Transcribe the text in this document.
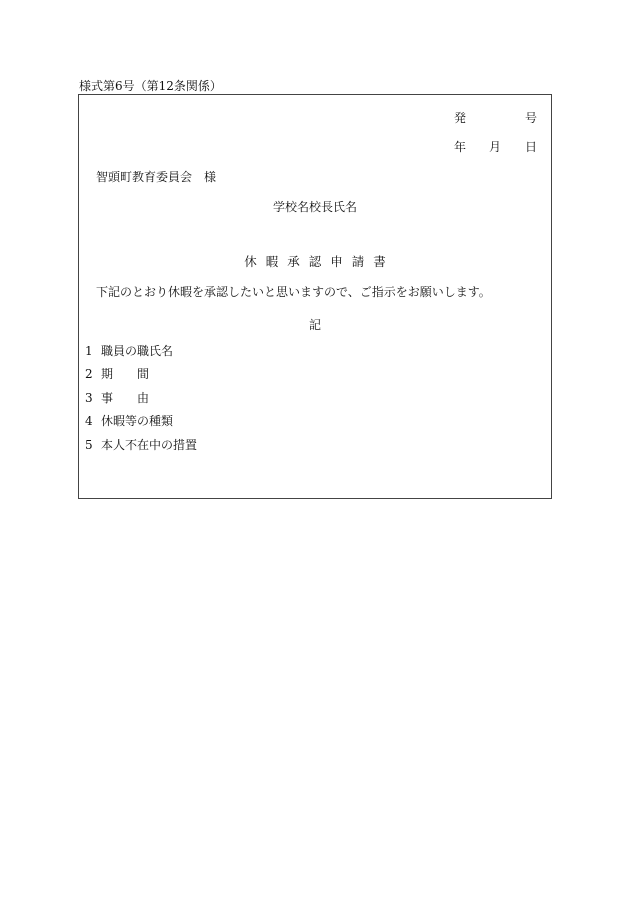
様式第6号（第12条関係）
発	号
年 月 日
智頭町教育委員会　様
学校名校長氏名
休暇承認申請書
下記のとおり休暇を承認したいと思いますので、ご指示をお願いします。
記
1 職員の職氏名
2 期　　間
3 事　　由
4 休暇等の種類
5 本人不在中の措置
